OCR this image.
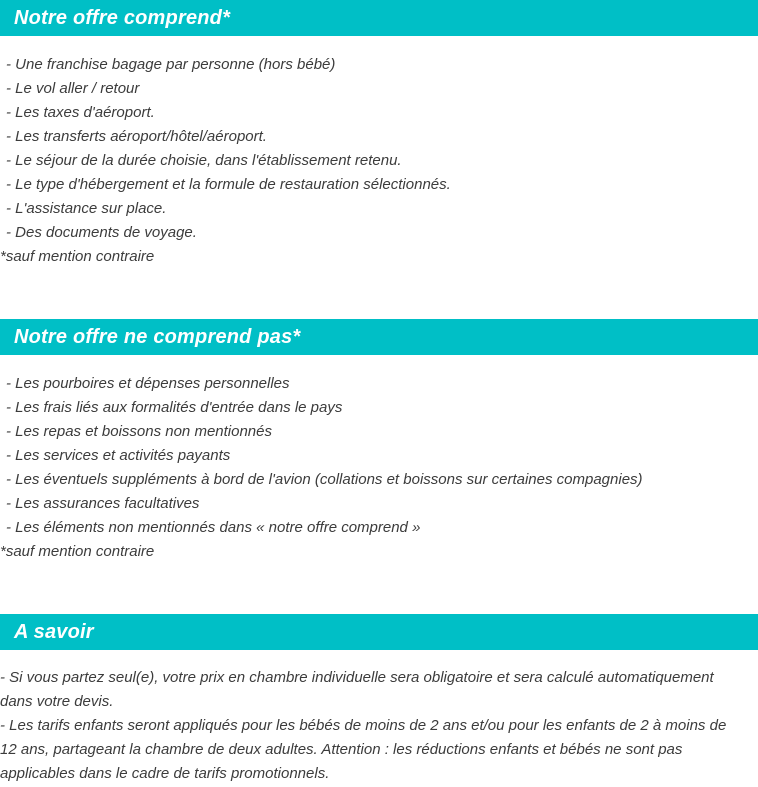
Notre offre comprend*
- Une franchise bagage par personne (hors bébé)
- Le vol aller / retour
- Les taxes d'aéroport.
- Les transferts aéroport/hôtel/aéroport.
- Le séjour de la durée choisie, dans l'établissement retenu.
- Le type d'hébergement et la formule de restauration sélectionnés.
- L'assistance sur place.
- Des documents de voyage.
*sauf mention contraire
Notre offre ne comprend pas*
- Les pourboires et dépenses personnelles
- Les frais liés aux formalités d'entrée dans le pays
- Les repas et boissons non mentionnés
- Les services et activités payants
- Les éventuels suppléments à bord de l'avion (collations et boissons sur certaines compagnies)
- Les assurances facultatives
- Les éléments non mentionnés dans « notre offre comprend »
*sauf mention contraire
A savoir
- Si vous partez seul(e), votre prix en chambre individuelle sera obligatoire et sera calculé automatiquement dans votre devis.
- Les tarifs enfants seront appliqués pour les bébés de moins de 2 ans et/ou pour les enfants de 2 à moins de 12 ans, partageant la chambre de deux adultes. Attention : les réductions enfants et bébés ne sont pas applicables dans le cadre de tarifs promotionnels.
